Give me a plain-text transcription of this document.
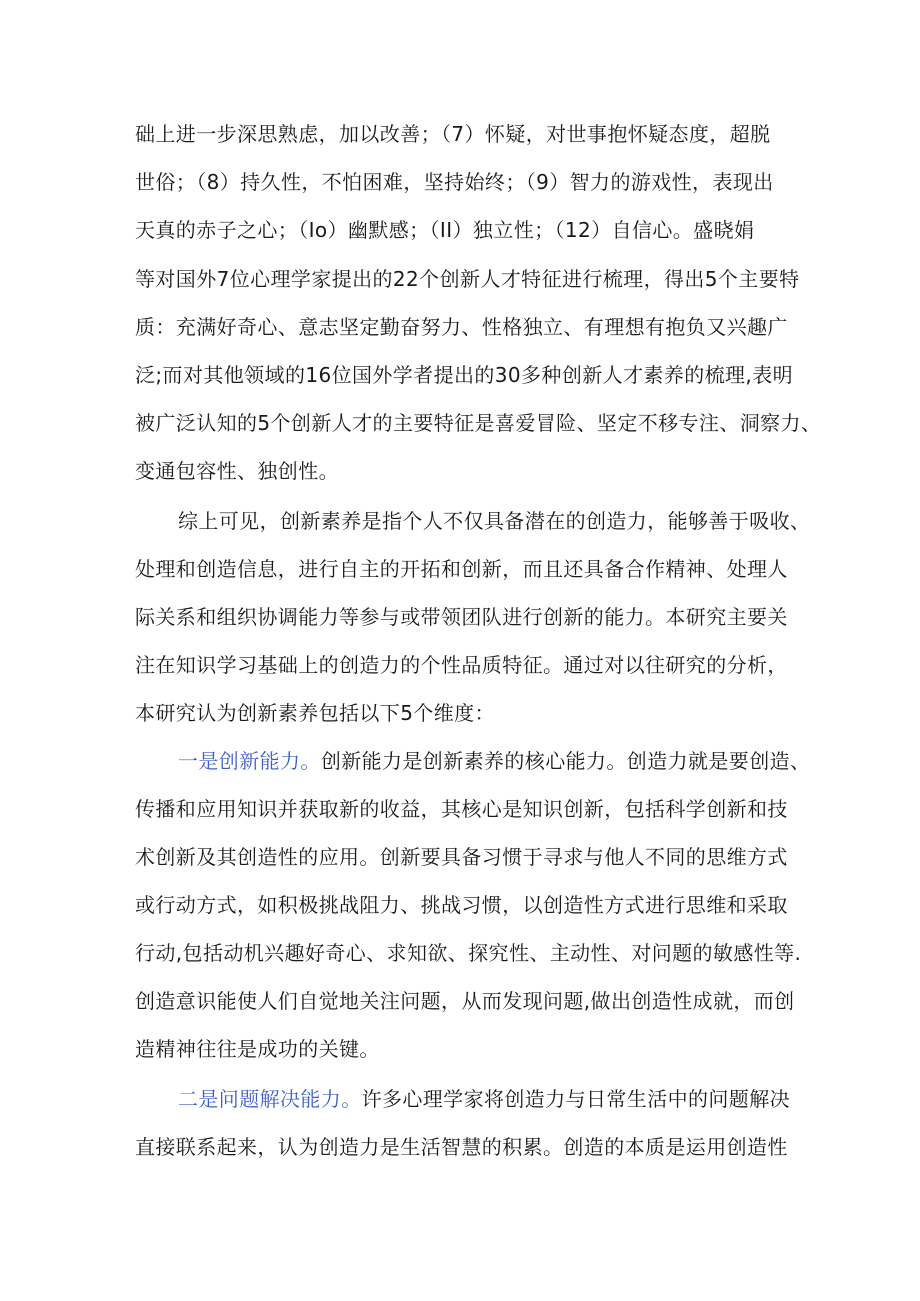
础上进一步深思熟虑，加以改善；（7）怀疑，对世事抱怀疑态度，超脱
世俗；（8）持久性，不怕困难，坚持始终；（9）智力的游戏性，表现出
天真的赤子之心；（Io）幽默感；（II）独立性；（12）自信心。盛晓娟
等对国外7位心理学家提出的22个创新人才特征进行梳理，得出5个主要特
质：充满好奇心、意志坚定勤奋努力、性格独立、有理想有抱负又兴趣广
泛;而对其他领域的16位国外学者提出的30多种创新人才素养的梳理,表明
被广泛认知的5个创新人才的主要特征是喜爱冒险、坚定不移专注、洞察力、
变通包容性、独创性。
综上可见，创新素养是指个人不仅具备潜在的创造力，能够善于吸收、
处理和创造信息，进行自主的开拓和创新，而且还具备合作精神、处理人
际关系和组织协调能力等参与或带领团队进行创新的能力。本研究主要关
注在知识学习基础上的创造力的个性品质特征。通过对以往研究的分析，
本研究认为创新素养包括以下5个维度：
一是创新能力。创新能力是创新素养的核心能力。创造力就是要创造、
传播和应用知识并获取新的收益，其核心是知识创新，包括科学创新和技
术创新及其创造性的应用。创新要具备习惯于寻求与他人不同的思维方式
或行动方式，如积极挑战阻力、挑战习惯，以创造性方式进行思维和采取
行动,包括动机兴趣好奇心、求知欲、探究性、主动性、对问题的敏感性等.
创造意识能使人们自觉地关注问题，从而发现问题,做出创造性成就，而创
造精神往往是成功的关键。
二是问题解决能力。许多心理学家将创造力与日常生活中的问题解决
直接联系起来，认为创造力是生活智慧的积累。创造的本质是运用创造性
